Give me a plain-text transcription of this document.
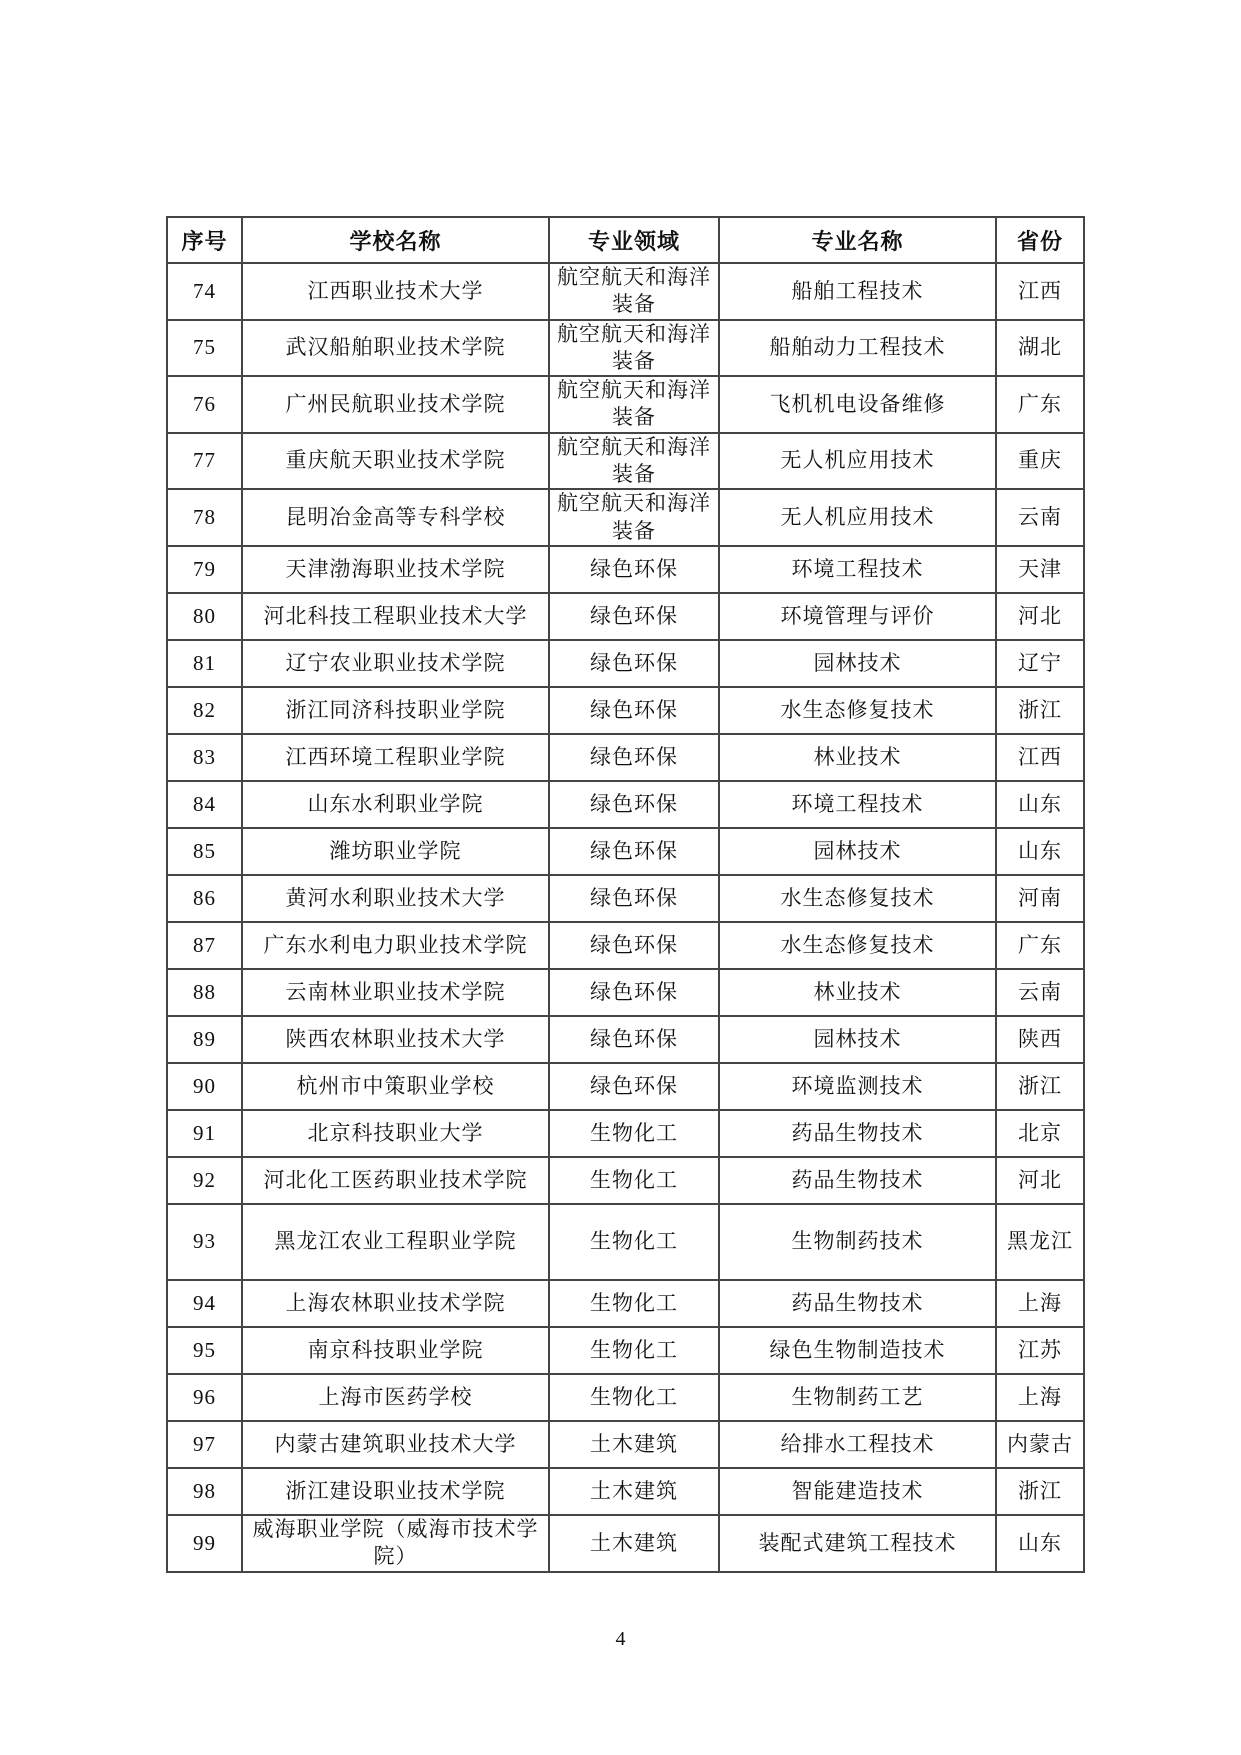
序号	学校名称	专业领域	专业名称	省份
74	江西职业技术大学	航空航天和海洋装备	船舶工程技术	江西
75	武汉船舶职业技术学院	航空航天和海洋装备	船舶动力工程技术	湖北
76	广州民航职业技术学院	航空航天和海洋装备	飞机机电设备维修	广东
77	重庆航天职业技术学院	航空航天和海洋装备	无人机应用技术	重庆
78	昆明冶金高等专科学校	航空航天和海洋装备	无人机应用技术	云南
79	天津渤海职业技术学院	绿色环保	环境工程技术	天津
80	河北科技工程职业技术大学	绿色环保	环境管理与评价	河北
81	辽宁农业职业技术学院	绿色环保	园林技术	辽宁
82	浙江同济科技职业学院	绿色环保	水生态修复技术	浙江
83	江西环境工程职业学院	绿色环保	林业技术	江西
84	山东水利职业学院	绿色环保	环境工程技术	山东
85	潍坊职业学院	绿色环保	园林技术	山东
86	黄河水利职业技术大学	绿色环保	水生态修复技术	河南
87	广东水利电力职业技术学院	绿色环保	水生态修复技术	广东
88	云南林业职业技术学院	绿色环保	林业技术	云南
89	陕西农林职业技术大学	绿色环保	园林技术	陕西
90	杭州市中策职业学校	绿色环保	环境监测技术	浙江
91	北京科技职业大学	生物化工	药品生物技术	北京
92	河北化工医药职业技术学院	生物化工	药品生物技术	河北
93	黑龙江农业工程职业学院	生物化工	生物制药技术	黑龙江
94	上海农林职业技术学院	生物化工	药品生物技术	上海
95	南京科技职业学院	生物化工	绿色生物制造技术	江苏
96	上海市医药学校	生物化工	生物制药工艺	上海
97	内蒙古建筑职业技术大学	土木建筑	给排水工程技术	内蒙古
98	浙江建设职业技术学院	土木建筑	智能建造技术	浙江
99	威海职业学院（威海市技术学院）	土木建筑	装配式建筑工程技术	山东
4
